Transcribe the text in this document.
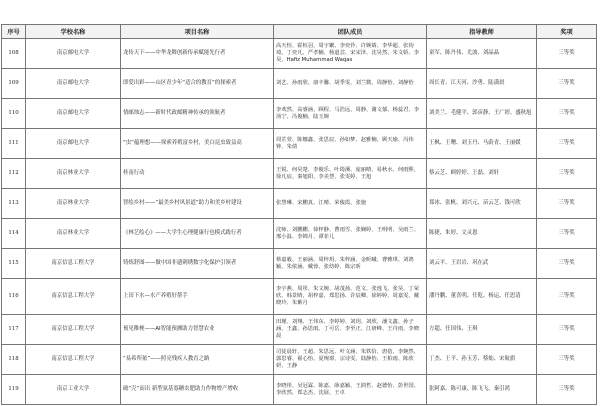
序号	学校名称	项目名称	团队成员	指导教师	奖项
108	南京邮电大学	龙传天下——中华龙舞创新传承赋能先行者	高天恒、霍桓羽、周宇繁、李奕伶、许婉婧、李华超、张钧琦、丁奕凡、严孝楠、杨道芸、宋宋泽、沈昊然、朱文娇、李昊、Hafiz Muhammad Waqas	童军、陈丹伟、尤波、刘晶晶	三等奖
109	南京邮电大学	即爱出彩——山区青少年“适合的教育”的探索者	刘艺、孙雨欣、康丰馨、胡季雯、刘兰微、周静怡、刘静怡	周长青、江天河、沙勇、陆潇晨	三等奖
110	南京邮电大学	情邮烛志——新时代政邮精神传承的领航者	李欢然、高睿涵、顾程、马浩远、周静、谢文郁、杨蕊君、李汤宁、冯俊楠、陆玉婉	刘美兰、毛健平、郭彦静、王广婷、盛秋旭	三等奖
111	南京邮电大学	“虫”蕴理想——探索养殖富乡村，美白昆虫致益高	周芷萱、陈娜鑫、张思辰、孙如梦、赵雅楠、顾天瑜、冯伟钟、朱倩	王枫、王曙、刘玉丹、马蔚青、王丽媛	三等奖
112	南京林业大学	桂南行动	王锐、何昊楚、李俊乐、叶筠溪、庞丽晴、易秋水、何雨熙、徐凡宸、秦旭阳、李美慧、张雯婷、王旭	蔡云芝、顾婷婷、王磊、刘轩	三等奖
113	南京林业大学	智绘乡村——“最美乡村风景道”助力和美乡村建设	张慧琳、宋鹏真、江晴、荣俊霞、张施	郑冰、张帆、刘兴元、苗云芝、钱可欣	三等奖
114	南京林业大学	《林艺绘心》——大学生心理健康行也模式践行者	沈师、刘鹏鹏、徐梓静、曹雨雪、张娴婷、王明明、吴雨兰、邢小温、李锦月、谭菲儿	陈捷、朱婷、文灵恩	三等奖
115	南京信息工程大学	铸炼舒图——做中国非遗刺绣数字化保护引领者	蔡嘉毅、王丽涵、周梓玥、朱梓涵、金昕曦、曹雅琪、刘鸿颖、朱依涵、戴蓉、张幼婷、陈宗昕	刘云平、王岩岩、巩在武	三等奖
116	南京信息工程大学	上田下水—水产养殖好帮手	李宇燕、周彤、朱文婉、胡茂扬、范文、张逸飞、张昊、丁荣欣、韩景晴、胡梓嘉、郑思扬、许辰卿、徐婷婷、周嘉雯、戴晓玲、朱紫月	潘丹鹏、董喜明、任乾、杨运、任思清	三等奖
117	南京信息工程大学	预见稚梗——AI智能预测助力智慧农业	田瑾、刘翔、王伟东、李婷婷、刘玥、刘欣、潘文鑫、孙子涵、王鑫、孙思雨、丁可岳、李至正、江研峰、王丹雨、李晓晨	方超、任国伟、王琪	三等奖
118	南京信息工程大学	“易希所依”——照亮残疾人教育之路	司徒晨轩、王超、朱思远、叶文涵、朱铁恰、唐蓓、李婉然、郭思睿、翟心怡、夏琬璟、宗诗雯、陆静怡、王柏雨、陈欣妍、王静	丁杰、王平、孙玉芳、蔡灿、宋航旗	三等奖
119	南京工业大学	破“壳”而出 新型氨基寡糖农肥助力作物增产增收	李晓彤、吴冠霖、陈嘉、薛嘉颖、王润哲、赵德怡、彭世国、李欣然、郑志杰、沈展、王卓	张阿嘉、陈可康、陈飞飞、秦引鸿	三等奖
